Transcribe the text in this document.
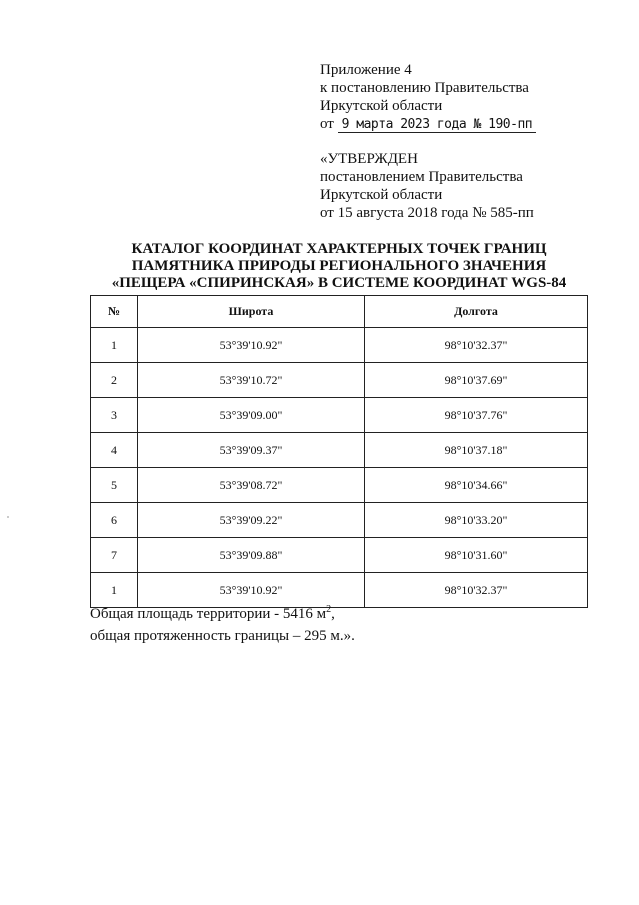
Приложение 4
к постановлению Правительства
Иркутской области
от 9 марта 2023 года № 190-пп
«УТВЕРЖДЕН
постановлением Правительства
Иркутской области
от 15 августа 2018 года № 585-пп
КАТАЛОГ КООРДИНАТ ХАРАКТЕРНЫХ ТОЧЕК ГРАНИЦ
ПАМЯТНИКА ПРИРОДЫ РЕГИОНАЛЬНОГО ЗНАЧЕНИЯ
«ПЕЩЕРА «СПИРИНСКАЯ» В СИСТЕМЕ КООРДИНАТ WGS-84
№	Широта	Долгота
1	53°39'10.92"	98°10'32.37"
2	53°39'10.72"	98°10'37.69"
3	53°39'09.00"	98°10'37.76"
4	53°39'09.37"	98°10'37.18"
5	53°39'08.72"	98°10'34.66"
6	53°39'09.22"	98°10'33.20"
7	53°39'09.88"	98°10'31.60"
1	53°39'10.92"	98°10'32.37"
Общая площадь территории - 5416 $м^2$,
общая протяженность границы – 295 м.».
